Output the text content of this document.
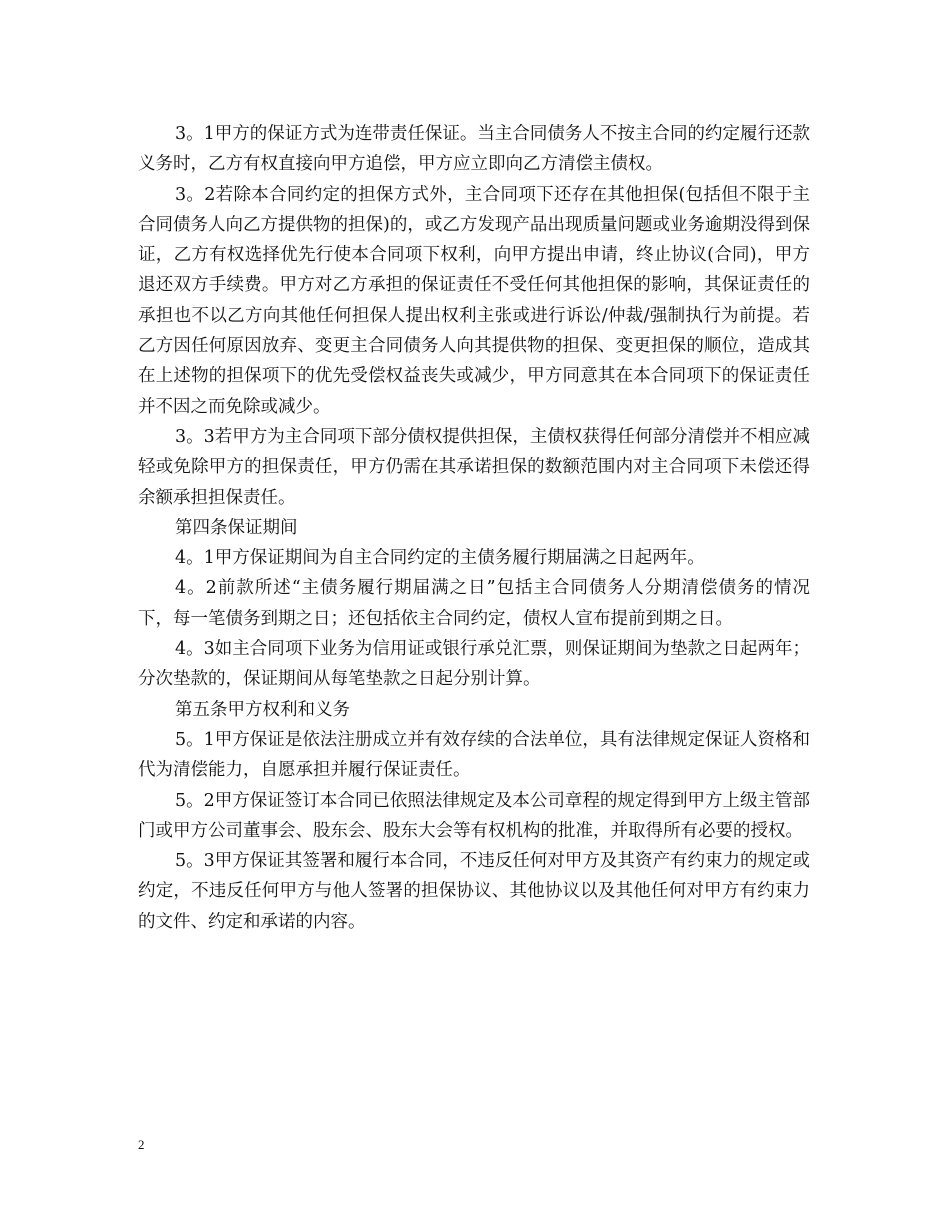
3。1甲方的保证方式为连带责任保证。当主合同债务人不按主合同的约定履行还款义务时，乙方有权直接向甲方追偿，甲方应立即向乙方清偿主债权。

3。2若除本合同约定的担保方式外，主合同项下还存在其他担保(包括但不限于主合同债务人向乙方提供物的担保)的，或乙方发现产品出现质量问题或业务逾期没得到保证，乙方有权选择优先行使本合同项下权利，向甲方提出申请，终止协议(合同)，甲方退还双方手续费。甲方对乙方承担的保证责任不受任何其他担保的影响，其保证责任的承担也不以乙方向其他任何担保人提出权利主张或进行诉讼/仲裁/强制执行为前提。若乙方因任何原因放弃、变更主合同债务人向其提供物的担保、变更担保的顺位，造成其在上述物的担保项下的优先受偿权益丧失或减少，甲方同意其在本合同项下的保证责任并不因之而免除或减少。

3。3若甲方为主合同项下部分债权提供担保，主债权获得任何部分清偿并不相应减轻或免除甲方的担保责任，甲方仍需在其承诺担保的数额范围内对主合同项下未偿还得余额承担担保责任。

第四条保证期间

4。1甲方保证期间为自主合同约定的主债务履行期届满之日起两年。

4。2前款所述“主债务履行期届满之日”包括主合同债务人分期清偿债务的情况下，每一笔债务到期之日；还包括依主合同约定，债权人宣布提前到期之日。

4。3如主合同项下业务为信用证或银行承兑汇票，则保证期间为垫款之日起两年；分次垫款的，保证期间从每笔垫款之日起分别计算。

第五条甲方权利和义务

5。1甲方保证是依法注册成立并有效存续的合法单位，具有法律规定保证人资格和代为清偿能力，自愿承担并履行保证责任。

5。2甲方保证签订本合同已依照法律规定及本公司章程的规定得到甲方上级主管部门或甲方公司董事会、股东会、股东大会等有权机构的批准，并取得所有必要的授权。

5。3甲方保证其签署和履行本合同，不违反任何对甲方及其资产有约束力的规定或约定，不违反任何甲方与他人签署的担保协议、其他协议以及其他任何对甲方有约束力的文件、约定和承诺的内容。

2
